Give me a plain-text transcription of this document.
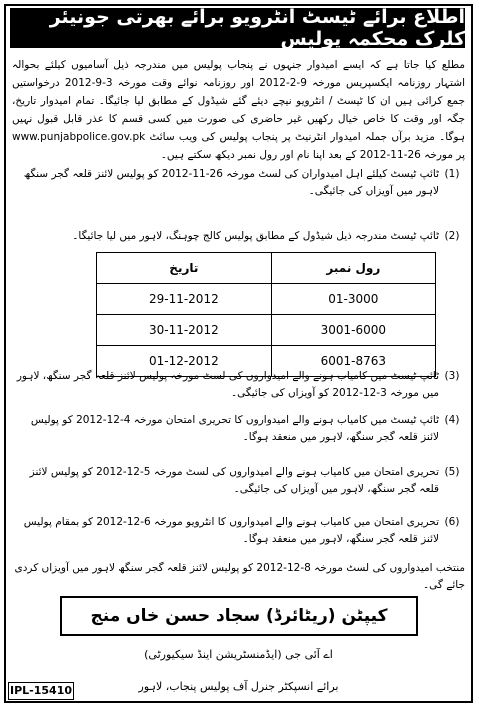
اطلاع برائے ٹیسٹ انٹرویو برائے بھرتی جونیئر کلرک محکمہ پولیس
مطلع کیا جاتا ہے کہ ایسے امیدوار جنہوں نے پنجاب پولیس میں مندرجہ ذیل آسامیوں کیلئے بحوالہ اشتہار روزنامہ ایکسپریس مورخہ 9-2-2012 اور روزنامہ نوائے وقت مورخہ 3-9-2012 درخواستیں جمع کرائی ہیں ان کا ٹیسٹ / انٹرویو نیچے دیئے گئے شیڈول کے مطابق لیا جائیگا۔ تمام امیدوار تاریخ، جگہ اور وقت کا خاص خیال رکھیں غیر حاضری کی صورت میں کسی قسم کا عذر قابل قبول نہیں ہوگا۔ مزید برآں جملہ امیدوار انٹرنیٹ پر پنجاب پولیس کی ویب سائٹ www.punjabpolice.gov.pk پر مورخہ 26-11-2012 کے بعد اپنا نام اور رول نمبر دیکھ سکتے ہیں۔
(1)
ٹائپ ٹیسٹ کیلئے اہل امیدواران کی لسٹ مورخہ 26-11-2012 کو پولیس لائنز قلعہ گجر سنگھ لاہور میں آویزاں کی جائیگی۔
(2)
ٹائپ ٹیسٹ مندرجہ ذیل شیڈول کے مطابق پولیس کالج چوہنگ، لاہور میں لیا جائیگا۔
تاریخ	رول نمبر
29-11-2012	01-3000
30-11-2012	3001-6000
01-12-2012	6001-8763
(3)
ٹائپ ٹیسٹ میں کامیاب ہونے والے امیدواروں کی لسٹ مورخہ پولیس لائنز قلعہ گجر سنگھ، لاہور میں مورخہ 3-12-2012 کو آویزاں کی جائیگی۔
(4)
ٹائپ ٹیسٹ میں کامیاب ہونے والے امیدواروں کا تحریری امتحان مورخہ 4-12-2012 کو پولیس لائنز قلعہ گجر سنگھ، لاہور میں منعقد ہوگا۔
(5)
تحریری امتحان میں کامیاب ہونے والے امیدواروں کی لسٹ مورخہ 5-12-2012 کو پولیس لائنز قلعہ گجر سنگھ، لاہور میں آویزاں کی جائیگی۔
(6)
تحریری امتحان میں کامیاب ہونے والے امیدواروں کا انٹرویو مورخہ 6-12-2012 کو بمقام پولیس لائنز قلعہ گجر سنگھ، لاہور میں منعقد ہوگا۔
منتخب امیدواروں کی لسٹ مورخہ 8-12-2012 کو پولیس لائنز قلعہ گجر سنگھ لاہور میں آویزاں کردی جائے گی۔
کیپٹن (ریٹائرڈ) سجاد حسن خاں منج
اے آئی جی (ایڈمنسٹریشن اینڈ سیکیورٹی)
برائے انسپکٹر جنرل آف پولیس پنجاب، لاہور
IPL-15410
